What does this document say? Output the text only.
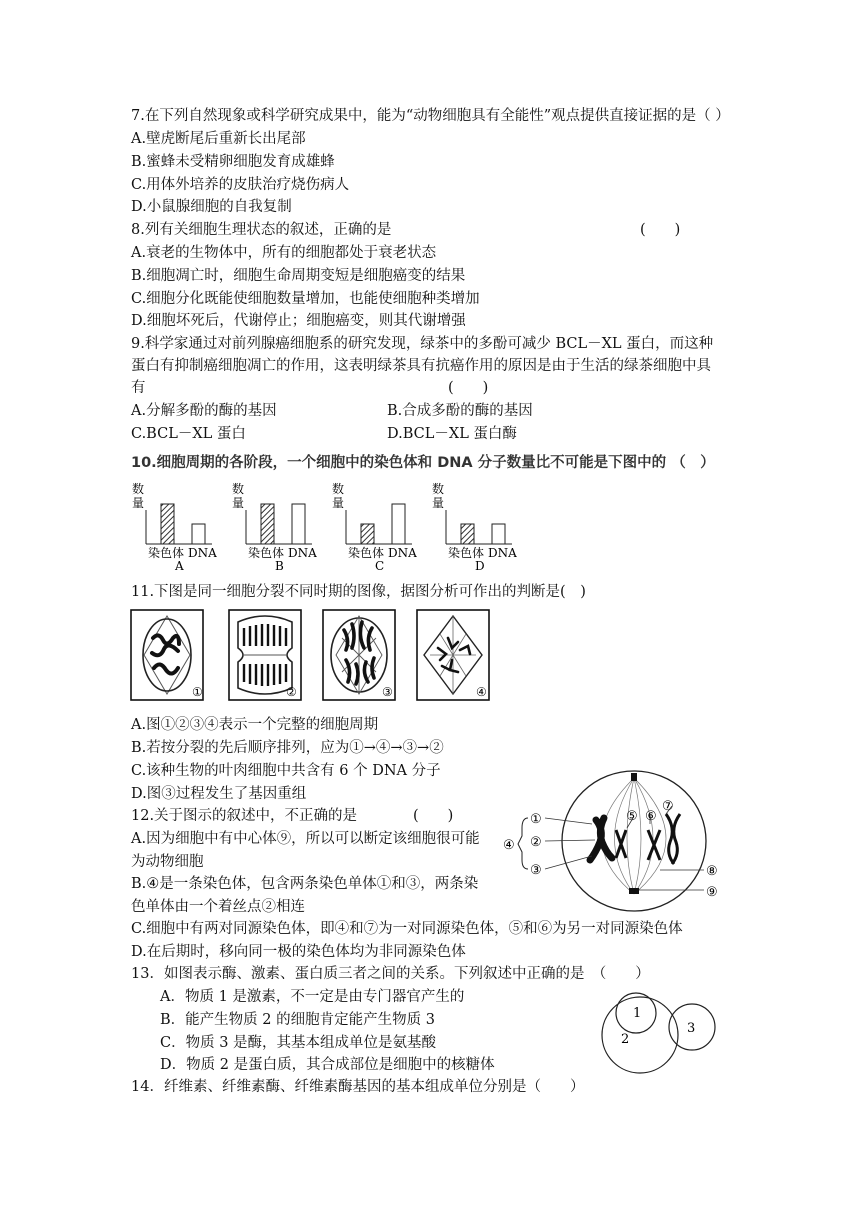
7.在下列自然现象或科学研究成果中，能为“动物细胞具有全能性”观点提供直接证据的是（ ）
A.壁虎断尾后重新长出尾部
B.蜜蜂未受精卵细胞发育成雄蜂
C.用体外培养的皮肤治疗烧伤病人
D.小鼠腺细胞的自我复制
8.列有关细胞生理状态的叙述，正确的是	(　　)
A.衰老的生物体中，所有的细胞都处于衰老状态
B.细胞凋亡时，细胞生命周期变短是细胞癌变的结果
C.细胞分化既能使细胞数量增加，也能使细胞种类增加
D.细胞坏死后，代谢停止；细胞癌变，则其代谢增强
9.科学家通过对前列腺癌细胞系的研究发现，绿茶中的多酚可减少 BCL－XL 蛋白，而这种
蛋白有抑制癌细胞凋亡的作用，这表明绿茶具有抗癌作用的原因是由于生活的绿茶细胞中具
有	(　　)
A.分解多酚的酶的基因	B.合成多酚的酶的基因
C.BCL－XL 蛋白	D.BCL－XL 蛋白酶
10.细胞周期的各阶段，一个细胞中的染色体和 DNA 分子数量比不可能是下图中的 （　）
数
量
染色体 DNA
A
数
量
染色体 DNA
B
数
量
染色体 DNA
C
数
量
染色体 DNA
D
11.下图是同一细胞分裂不同时期的图像，据图分析可作出的判断是(　)
①	②	③	④
A.图①②③④表示一个完整的细胞周期
B.若按分裂的先后顺序排列，应为①→④→③→②
C.该种生物的叶肉细胞中共含有 6 个 DNA 分子
D.图③过程发生了基因重组
12.关于图示的叙述中，不正确的是	(　　)
A.因为细胞中有中心体⑨，所以可以断定该细胞很可能
为动物细胞
B.④是一条染色体，包含两条染色单体①和③，两条染
色单体由一个着丝点②相连
C.细胞中有两对同源染色体，即④和⑦为一对同源染色体，⑤和⑥为另一对同源染色体
D.在后期时，移向同一极的染色体均为非同源染色体
①
②
③
④
⑤ ⑥
⑦
⑧
⑨
13．如图表示酶、激素、蛋白质三者之间的关系。下列叙述中正确的是　（　　）
A．物质 1 是激素，不一定是由专门器官产生的
B．能产生物质 2 的细胞肯定能产生物质 3
C．物质 3 是酶，其基本组成单位是氨基酸
D．物质 2 是蛋白质，其合成部位是细胞中的核糖体
1
2
3
14．纤维素、纤维素酶、纤维素酶基因的基本组成单位分别是（　　）
